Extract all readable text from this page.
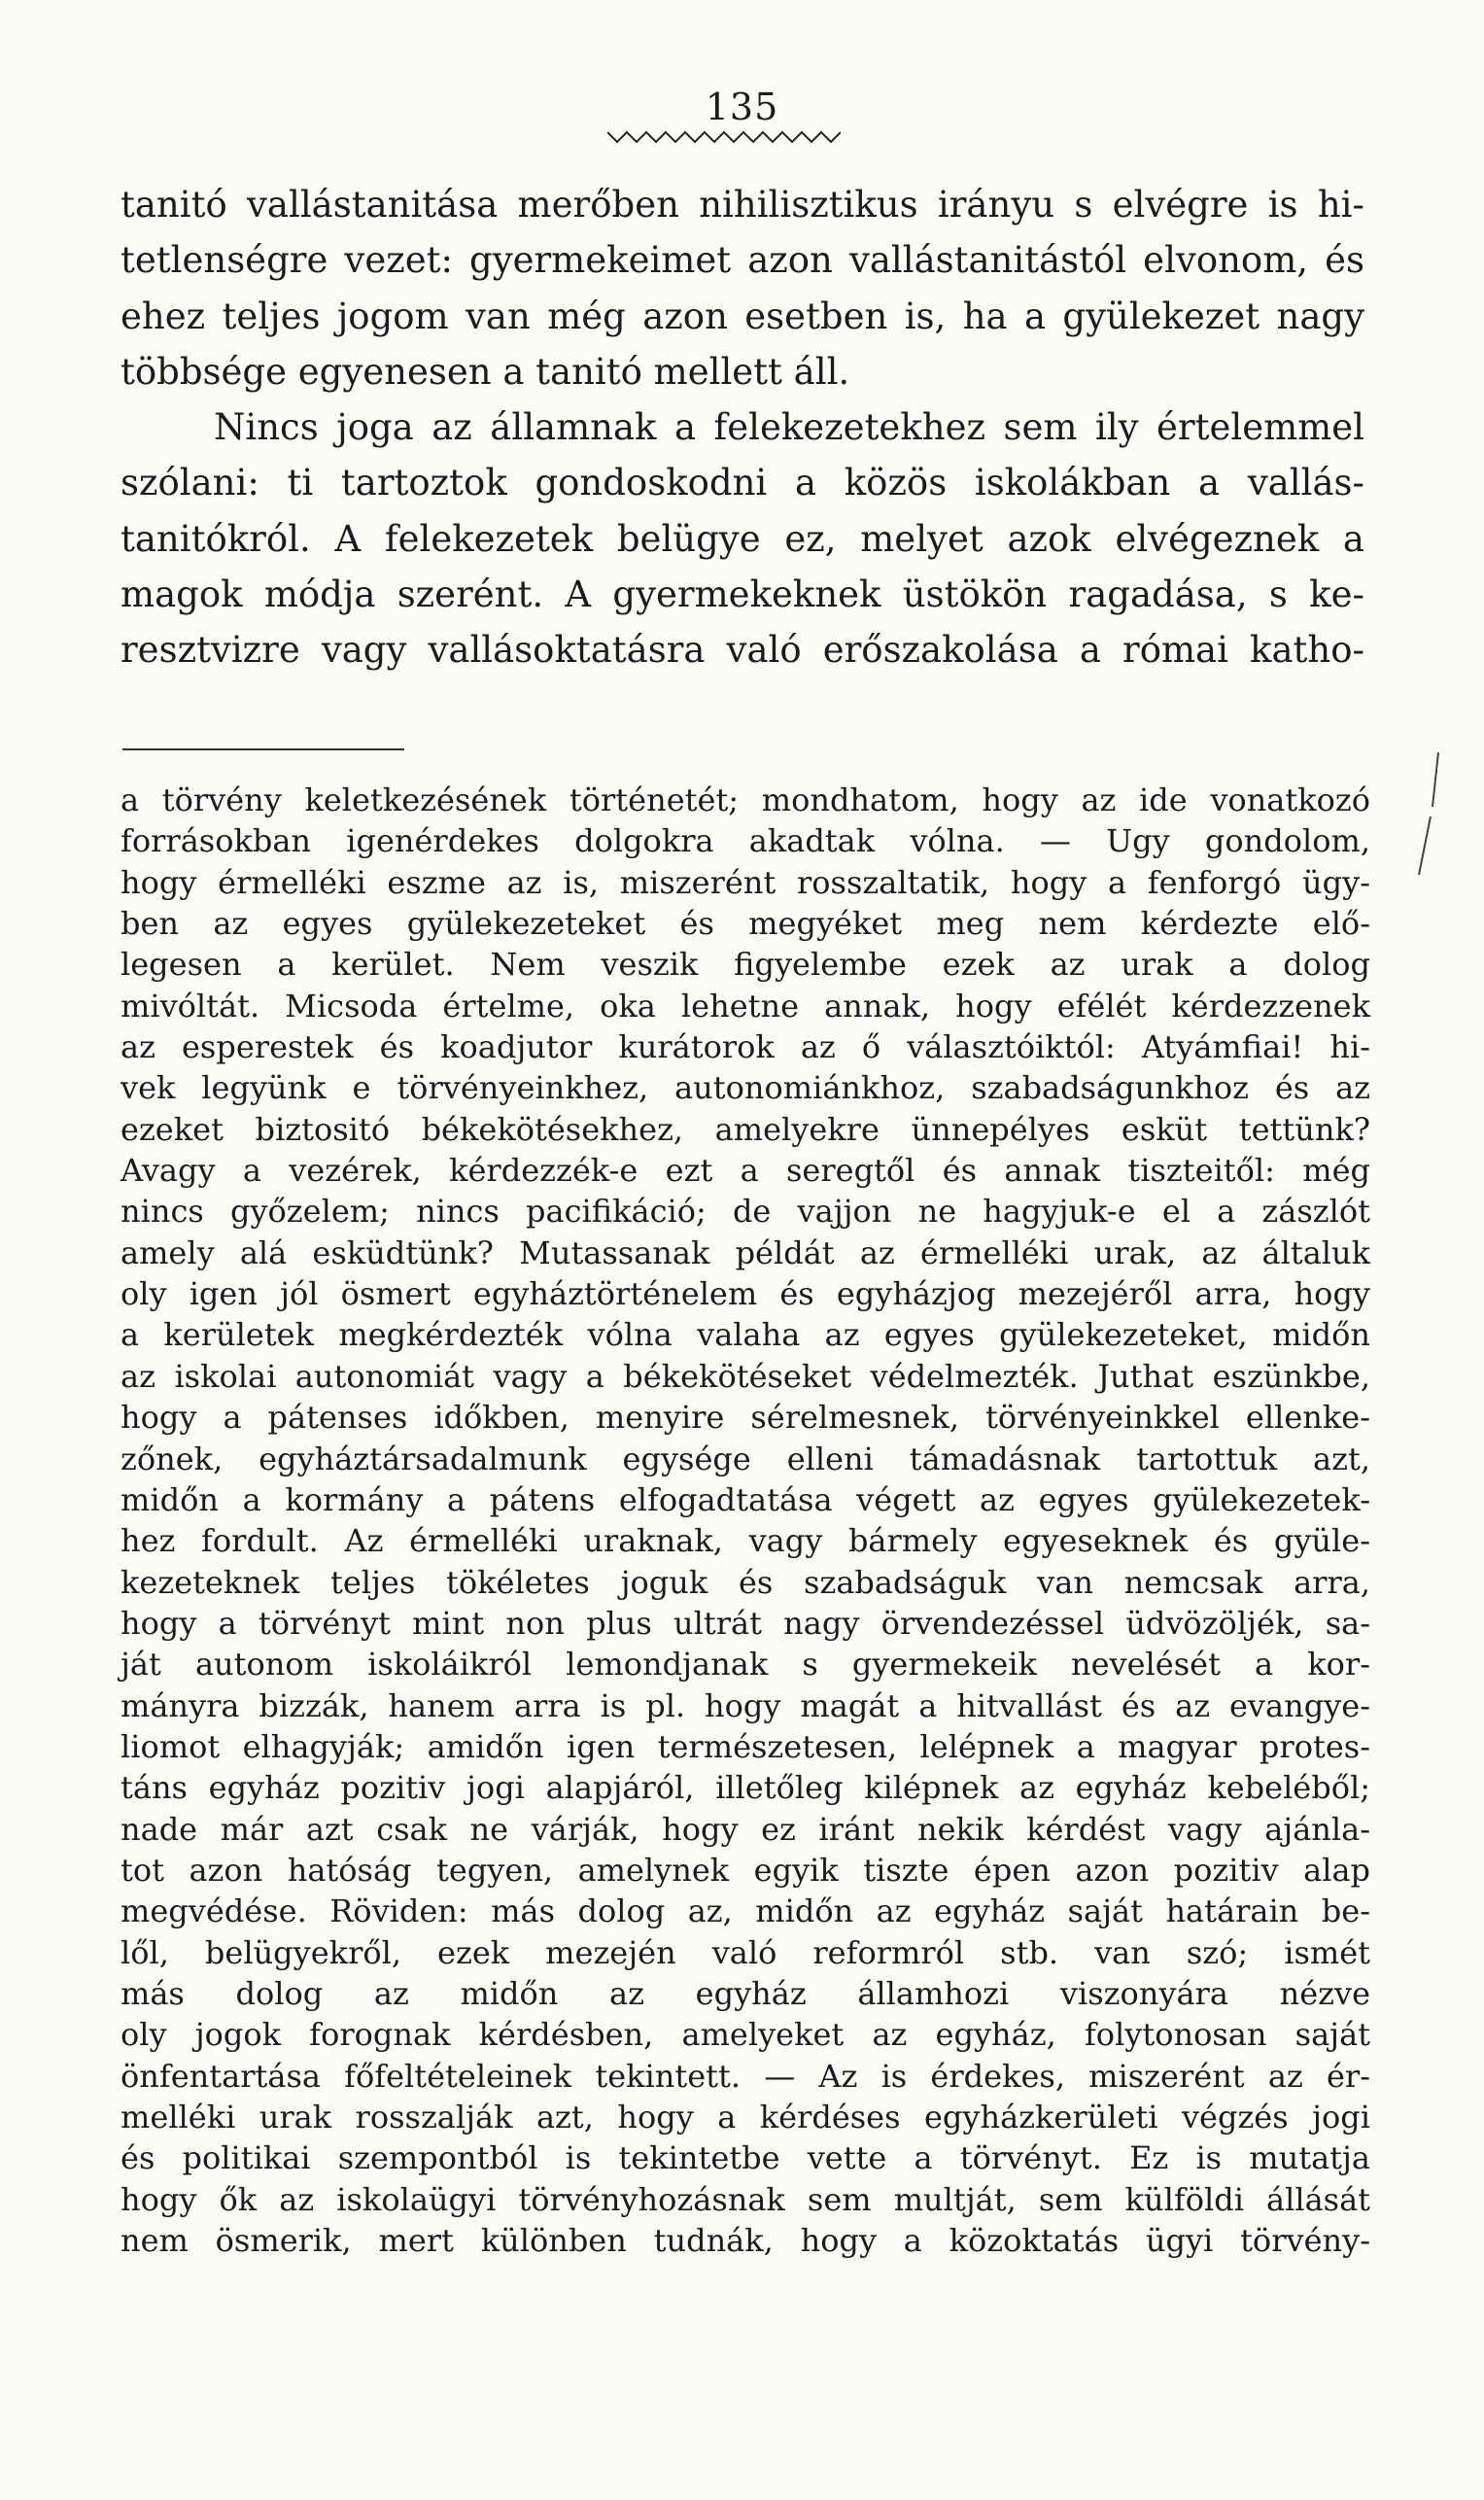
135
tanitó vallástanitása merőben nihilisztikus irányu s elvégre is hi-
tetlenségre vezet: gyermekeimet azon vallástanitástól elvonom, és
ehez teljes jogom van még azon esetben is, ha a gyülekezet nagy
többsége egyenesen a tanitó mellett áll.
Nincs joga az államnak a felekezetekhez sem ily értelemmel
szólani: ti tartoztok gondoskodni a közös iskolákban a vallás-
tanitókról. A felekezetek belügye ez, melyet azok elvégeznek a
magok módja szerént. A gyermekeknek üstökön ragadása, s ke-
resztvizre vagy vallásoktatásra való erőszakolása a római katho-
a törvény keletkezésének történetét; mondhatom, hogy az ide vonatkozó
forrásokban igenérdekes dolgokra akadtak vólna. — Ugy gondolom,
hogy érmelléki eszme az is, miszerént rosszaltatik, hogy a fenforgó ügy-
ben az egyes gyülekezeteket és megyéket meg nem kérdezte elő-
legesen a kerület. Nem veszik figyelembe ezek az urak a dolog
mivóltát. Micsoda értelme, oka lehetne annak, hogy efélét kérdezzenek
az esperestek és koadjutor kurátorok az ő választóiktól: Atyámfiai! hi-
vek legyünk e törvényeinkhez, autonomiánkhoz, szabadságunkhoz és az
ezeket biztositó békekötésekhez, amelyekre ünnepélyes esküt tettünk?
Avagy a vezérek, kérdezzék-e ezt a seregtől és annak tiszteitől: még
nincs győzelem; nincs pacifikáció; de vajjon ne hagyjuk-e el a zászlót
amely alá esküdtünk? Mutassanak példát az érmelléki urak, az általuk
oly igen jól ösmert egyháztörténelem és egyházjog mezejéről arra, hogy
a kerületek megkérdezték vólna valaha az egyes gyülekezeteket, midőn
az iskolai autonomiát vagy a békekötéseket védelmezték. Juthat eszünkbe,
hogy a pátenses időkben, menyire sérelmesnek, törvényeinkkel ellenke-
zőnek, egyháztársadalmunk egysége elleni támadásnak tartottuk azt,
midőn a kormány a pátens elfogadtatása végett az egyes gyülekezetek-
hez fordult. Az érmelléki uraknak, vagy bármely egyeseknek és gyüle-
kezeteknek teljes tökéletes joguk és szabadságuk van nemcsak arra,
hogy a törvényt mint non plus ultrát nagy örvendezéssel üdvözöljék, sa-
ját autonom iskoláikról lemondjanak s gyermekeik nevelését a kor-
mányra bizzák, hanem arra is pl. hogy magát a hitvallást és az evangye-
liomot elhagyják; amidőn igen természetesen, lelépnek a magyar protes-
táns egyház pozitiv jogi alapjáról, illetőleg kilépnek az egyház kebeléből;
nade már azt csak ne várják, hogy ez iránt nekik kérdést vagy ajánla-
tot azon hatóság tegyen, amelynek egyik tiszte épen azon pozitiv alap
megvédése. Röviden: más dolog az, midőn az egyház saját határain be-
lől, belügyekről, ezek mezején való reformról stb. van szó; ismét
más dolog az midőn az egyház államhozi viszonyára nézve
oly jogok forognak kérdésben, amelyeket az egyház, folytonosan saját
önfentartása főfeltételeinek tekintett. — Az is érdekes, miszerént az ér-
melléki urak rosszalják azt, hogy a kérdéses egyházkerületi végzés jogi
és politikai szempontból is tekintetbe vette a törvényt. Ez is mutatja
hogy ők az iskolaügyi törvényhozásnak sem multját, sem külföldi állását
nem ösmerik, mert különben tudnák, hogy a közoktatás ügyi törvény-
